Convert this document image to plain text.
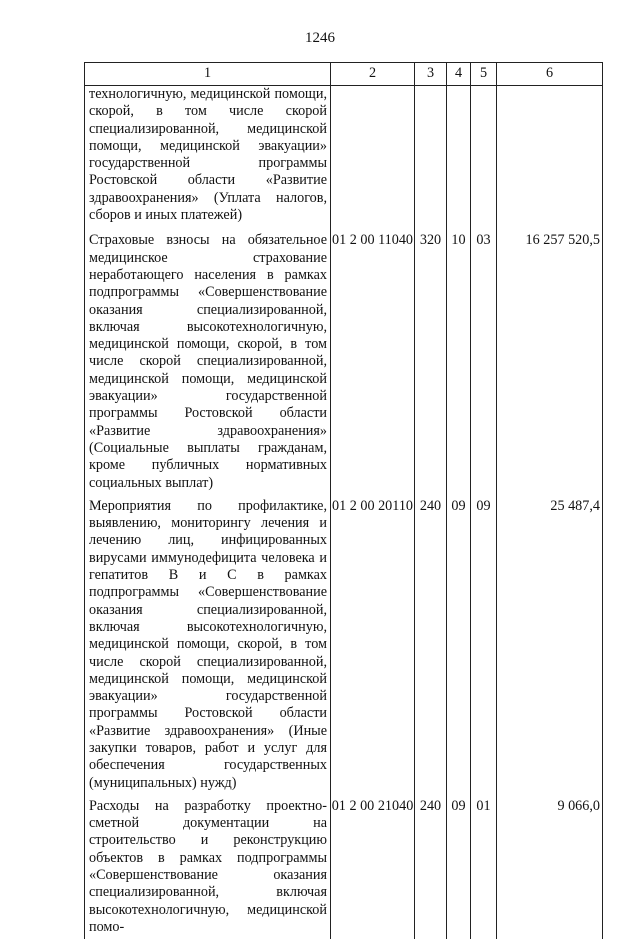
1246
1	2	3	4	5	6
технологичную, медицинской помощи, скорой, в том числе скорой специализированной, медицинской помощи, медицинской эвакуации» государственной программы Ростовской области «Развитие здравоохранения» (Уплата налогов, сборов и иных платежей)					
Страховые взносы на обязательное медицинское страхование неработающего населения в рамках подпрограммы «Совершенствование оказания специализированной, включая высокотехнологичную, медицинской помощи, скорой, в том числе скорой специализированной, медицинской помощи, медицинской эвакуации» государственной программы Ростовской области «Развитие здравоохранения» (Социальные выплаты гражданам, кроме публичных нормативных социальных выплат)	01 2 00 11040	320	10	03	16 257 520,5
Мероприятия по профилактике, выявлению, мониторингу лечения и лечению лиц, инфицированных вирусами иммунодефицита человека и гепатитов B и C в рамках подпрограммы «Совершенствование оказания специализированной, включая высокотехнологичную, медицинской помощи, скорой, в том числе скорой специализированной, медицинской помощи, медицинской эвакуации» государственной программы Ростовской области «Развитие здравоохранения» (Иные закупки товаров, работ и услуг для обеспечения государственных (муниципальных) нужд)	01 2 00 20110	240	09	09	25 487,4
Расходы на разработку проектно-сметной документации на строительство и реконструкцию объектов в рамках подпрограммы «Совершенствование оказания специализированной, включая высокотехнологичную, медицинской помо-	01 2 00 21040	240	09	01	9 066,0
